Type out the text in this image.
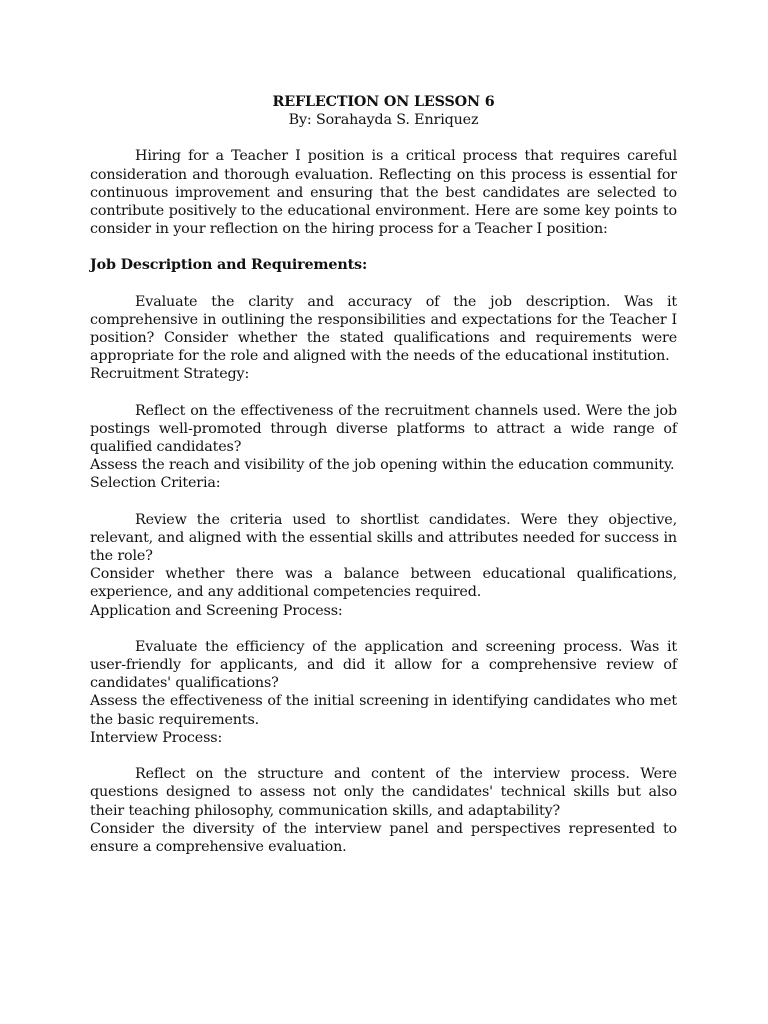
REFLECTION ON LESSON 6

By: Sorahayda S. Enriquez

Hiring for a Teacher I position is a critical process that requires careful consideration and thorough evaluation. Reflecting on this process is essential for continuous improvement and ensuring that the best candidates are selected to contribute positively to the educational environment. Here are some key points to consider in your reflection on the hiring process for a Teacher I position:

Job Description and Requirements:

Evaluate the clarity and accuracy of the job description. Was it comprehensive in outlining the responsibilities and expectations for the Teacher I position? Consider whether the stated qualifications and requirements were appropriate for the role and aligned with the needs of the educational institution.

Recruitment Strategy:

Reflect on the effectiveness of the recruitment channels used. Were the job postings well-promoted through diverse platforms to attract a wide range of qualified candidates?

Assess the reach and visibility of the job opening within the education community.

Selection Criteria:

Review the criteria used to shortlist candidates. Were they objective, relevant, and aligned with the essential skills and attributes needed for success in the role?

Consider whether there was a balance between educational qualifications, experience, and any additional competencies required.

Application and Screening Process:

Evaluate the efficiency of the application and screening process. Was it user-friendly for applicants, and did it allow for a comprehensive review of candidates' qualifications?

Assess the effectiveness of the initial screening in identifying candidates who met the basic requirements.

Interview Process:

Reflect on the structure and content of the interview process. Were questions designed to assess not only the candidates' technical skills but also their teaching philosophy, communication skills, and adaptability?

Consider the diversity of the interview panel and perspectives represented to ensure a comprehensive evaluation.
